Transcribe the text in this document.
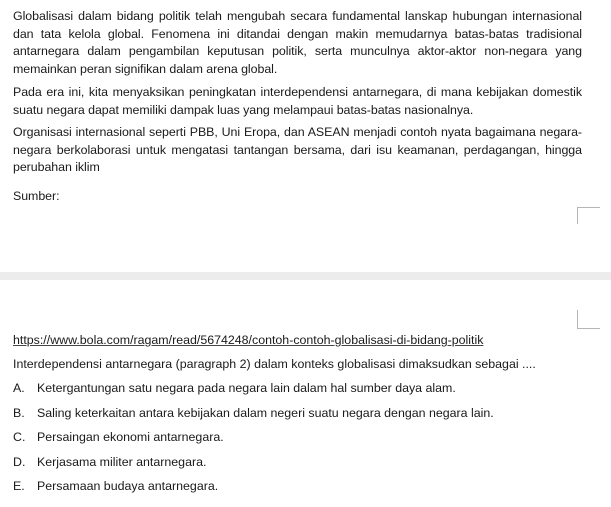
Globalisasi dalam bidang politik telah mengubah secara fundamental lanskap hubungan internasional dan tata kelola global. Fenomena ini ditandai dengan makin memudarnya batas-batas tradisional antarnegara dalam pengambilan keputusan politik, serta munculnya aktor-aktor non-negara yang memainkan peran signifikan dalam arena global.

Pada era ini, kita menyaksikan peningkatan interdependensi antarnegara, di mana kebijakan domestik suatu negara dapat memiliki dampak luas yang melampaui batas-batas nasionalnya.

Organisasi internasional seperti PBB, Uni Eropa, dan ASEAN menjadi contoh nyata bagaimana negara-negara berkolaborasi untuk mengatasi tantangan bersama, dari isu keamanan, perdagangan, hingga perubahan iklim

Sumber:

https://www.bola.com/ragam/read/5674248/contoh-contoh-globalisasi-di-bidang-politik

Interdependensi antarnegara (paragraph 2) dalam konteks globalisasi dimaksudkan sebagai ....

A. Ketergantungan satu negara pada negara lain dalam hal sumber daya alam.
B. Saling keterkaitan antara kebijakan dalam negeri suatu negara dengan negara lain.
C. Persaingan ekonomi antarnegara.
D. Kerjasama militer antarnegara.
E. Persamaan budaya antarnegara.
